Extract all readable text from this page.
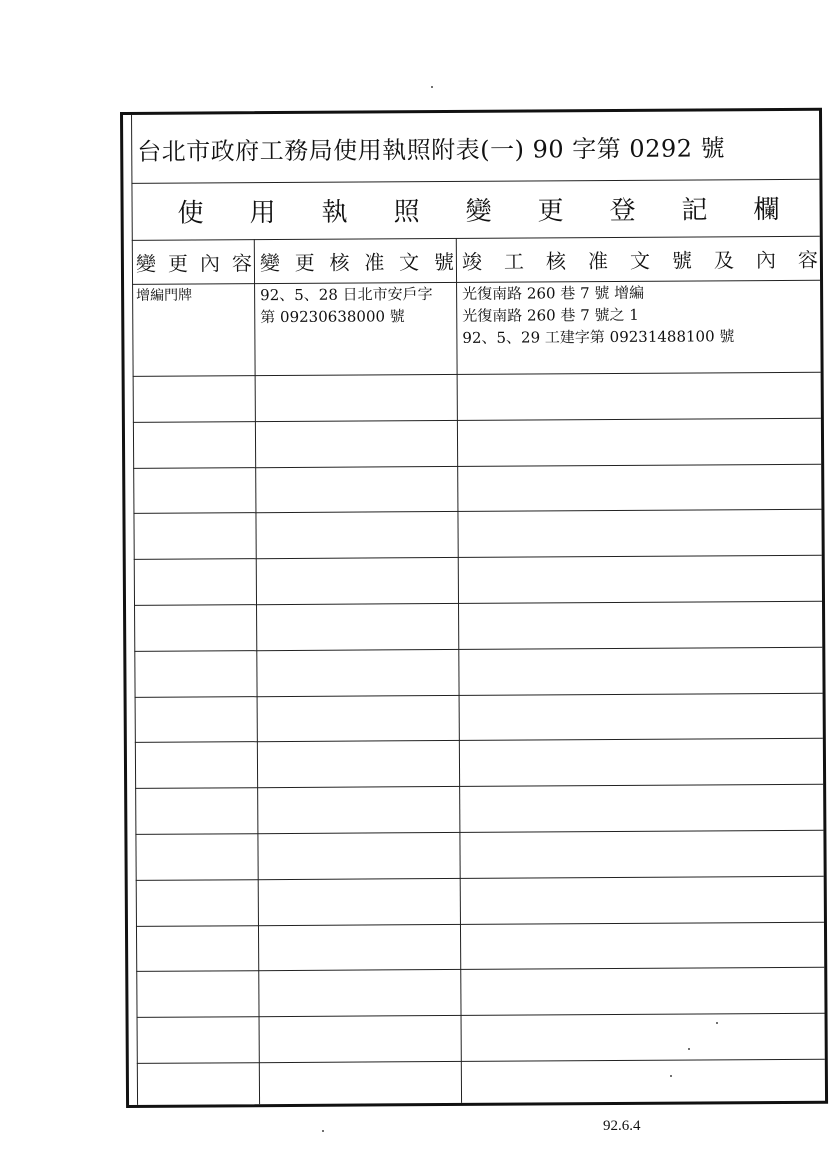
台北市政府工務局使用執照附表(一) 90 字第 0292 號
使 用 執 照 變 更 登 記 欄
變 更 內 容 變 更 核 准 文 號 竣 工 核 准 文 號 及 內 容
增編門牌	92、5、28 日北市安戶字
第 09230638000 號
光復南路 260 巷 7 號 增編
光復南路 260 巷 7 號之 1
92、5、29 工建字第 09231488100 號
92.6.4
